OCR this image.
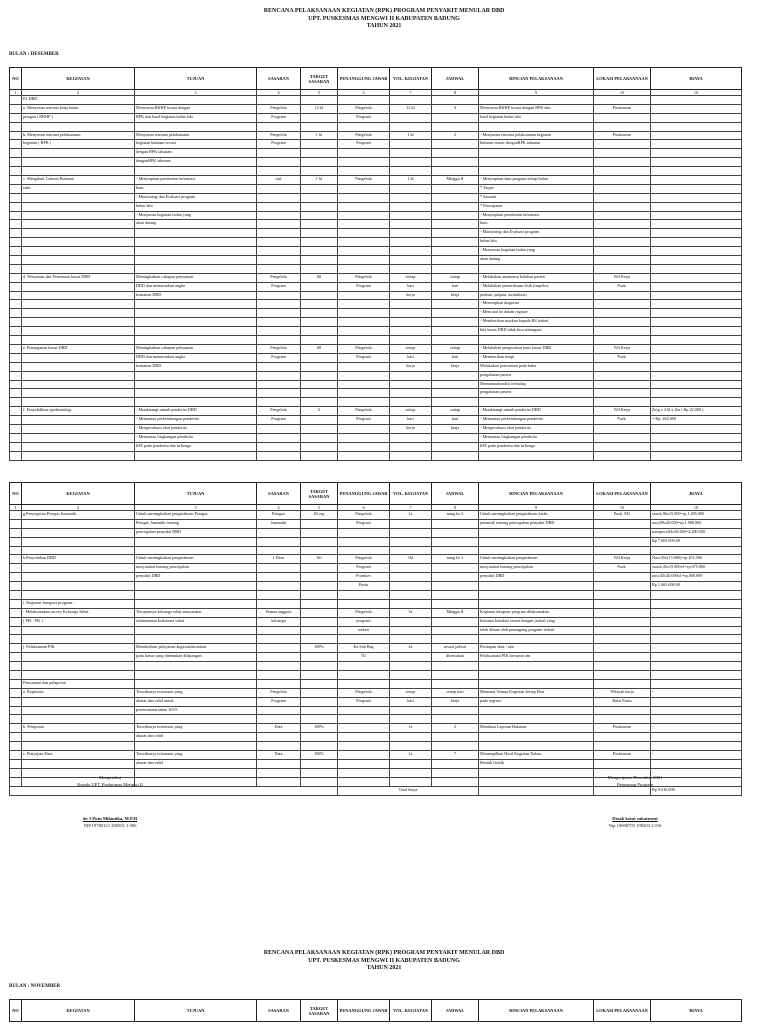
RENCANA PELAKSANAAN KEGIATAN (RPK) PROGRAM PENYAKIT MENULAR DBD
UPT. PUSKESMAS MENGWI II KABUPATEN BADUNG
TAHUN 2021
BULAN : DESEMBER
NO	KEGIATAN	TUJUAN	SASARAN	TARGET SASARAN	PENANGGUNG JAWAB	VOL. KEGIATAN	JADWAL	RINCIAN PELAKSANAAN	LOKASI PELAKSANAAN	BIAYA
1	2	3	4	5	6	7	8	9	10	10
	P2 DBD									
	a. Menyusun rencana kerja bulan	Menyusun RKHP sesuai dengan	Pengelola	12 kl	Pengelola	12 kl	4	Menyusun RKHP sesuai dengan RPK dan	Puskesmas	
	pringan ( RKHP )	RPK dan hasil kegiatan bulan lalu	Program		Program			hasil kegiatan bulan lalu		

	b. Menyusun rencana pelaksanaan	Menyusun rencana pelaksanaan	Pengelola	1 kl	Pengelola	1 kl	2	- Menyusun rencana pelaksanaan kegiatan	Puskesmas	
	kegiatan ( RPK )	kegiatan bulanan sesuai	Program		Program			bulanan sesuai denganRPK tahunan		
		dengan RPK tahunan								
		denganRPK tahunan								

	c. Mengikuti Lokmin Bulanan	- Menyiapkan pemberian informasi	staf	1 kl	Pengelola	1 kl	Minggu II	- Menyiapkan data program setiap bulan		
	tahis	baru						* Target		
		- Monitoring dan Evaluasi program						* Sasaran		
		bulan lalu						* Pencapaian		
		- Menyusun kegiatan bulan yang						- Menyiapkan pemberian informasi		
		akan datang						baru		
								- Monitoring dan Evaluasi program		
								bulan lalu		
								- Menyusun kegiatan bulan yang		
								akan datang		

	d. Pelayanan dan Penemuan kasus DBD	Meningkatkan cakupan pelayanan	Pengelola	68	Pengelola	setiap	setiap	- Melakukan anamnesa keluhan pasien	Wil Kerja	
		DBD dan menurunkan angka	Program		Program	hari	hari	- Melakukan pemeriksaan fisik (inspeksi,	Pusk.	
		kematian DBD				kerja	kerja	perkusi, palpasi, auskultasi)		
								- Menetapkan diagnosa		
								- Mencatat ke dalam register		
								- Memberikan rujukan kepada RS terkait		
								bila kasus DBD tidak bisa tertangani		

	e. Penanganan kasus DBD	Meningkatkan cakupan pelayanan	Pengelola	68	Pengelola	setiap	setiap	- Melakukan pengecekan jenis kasus DBD	Wil Kerja	
		DBD dan menurunkan angka	Program		Program	hari	hari	- Memberikan terapi	Pusk.	
		kematian DBD				kerja	kerja	Melakukan pencatatan pada buku		
								pengobatan pasien		
								Memantaukondisi terhadap		
								pengobatan pasien		

	f. Penyelidikan epidemiologi	- Mendatangi rumah penderita DBD	Pengelola	6	Pengelola	setiap	setiap	- Mendatangi rumah penderita DBD	Wil Kerja	Zeig x 4 kl x 2hr ( Rp.22.000 )
		- Memantau perkembangan penderita	Program		Program	hari	hari	- Memantau perkembangan penderita	Pusk.	= Rp. 264.000
		- Mengevaluasi obat penderita				kerja	kerja	- Mengevaluasi obat penderita		
		- Memantau lingkungan penderita						- Memantau lingkungan penderita		
		KIE pada penderita dan keluarga						KIE pada penderita dan keluarga		

NO	KEGIATAN	TUJUAN	SASARAN	TARGET SASARAN	PENANGGUNG JAWAB	VOL. KEGIATAN	JADWAL	RINCIAN PELAKSANAAN	LOKASI PELAKSANAAN	BIAYA
1	2	3	4	5	6	7	8	9	10	10
	g.Penyegaran Petugas Jumantik	Untuk meningkatkan pengetahuan Petugas	Petugas	84 org	Pengelola	1x	ming ke 2	Untuk meningkatkan pengetahuan kader	Pusk. M2	snack;96x15.000=rp.1.485.000
		Petugas Jumantik tentang	Jumantik		Program			jumantik tentang pencegahan penyakit DBD		nasi;99x20.000=rp.1.980.000
		pencegahan penyakit DBD								transport;84x50.000=4.200.000
										Rp 7.665.000.00

	h.Penyuluhan DBD	Untuk meningkatkan pengetahuan	1 Desa	1kl	Pengelola	1kl	ming ke 2	Untuk meningkatkan pengetahuan	Wil Kerja	Nasi;45x(15.000)=rp 101.000
		masyarakat tentang pencegahan			Program			masyarakat tentang pencegahan	Pusk.	snack;45x15.000x1=rp.675.000
		penyakit DBD			Promkes			penyakit DBD		nasi;45x20.000x1=rp.900.000
					Pustu					Rp 1.665.000.00

	i. Kegiatan Integrasi program :									
	- Melaksanakan survey Keluarga Sehat	Tercapainya keluarga sehat masyarakat	Semua anggota		Pengelola	3x	Minggu II	Kegiatan integrasi program dilaksanakan		
	( PIS - PK )	sehatmantau Indonesia sehat	keluarga		program			bersama Instalasi sesuai dengan jadwal yang		
					terkait			telah dibuat oleh penangung program terkait		

	j. Pelaksanaan PIK	Memberikan pelayanan kegawatdaruratan		100%	Ka Sub Bag	2x	sesuai jadwal	Persiapan obat / alat		
		pada kasus yang ditemukan dilapangan			TU		ditentukan	Pelaksanaan PIK bersama tim		

	Pencatatan dan pelaporan									
	a. Registrasi	Tersedianya informasi yang	Pengelola		Pengelola	setiap	setiap hari	Mencatat Semua Kegiatan Setiap Hari	Wilayah kerja	-
		akurat dan valid untuk	Program		Program	hari	kerja	pada register	Balai Pustu	
		perencanaan tahun 2019.								

	b. Pelaporan	Tersedianya informasi yang	Data	100%		1x	2	Membuat Laporan Bulanan	Puskesmas	-
		akurat dan valid								

	c. Penyajian Data	Tersedianya informasi yang	Data	100%		1x	7	Menampilkan Hasil Kegiatan Dalam	Puskesmas	-
		akurat dan valid						Bentuk Grafik		

					Total biaya					Rp.9.616.000
Mengetahui
Kepala UPT. Puskesmas Mengwi II
dr. I Putu Milantika, M.P.H
NIP.19780121 200501 1 006
Mengwipura, Desember 2021
Pemegang Program
Desak ketut sukarmeni
Nip.19690705 199203 2 016
RENCANA PELAKSANAAN KEGIATAN (RPK) PROGRAM PENYAKIT MENULAR DBD
UPT. PUSKESMAS MENGWI II KABUPATEN BADUNG
TAHUN 2021
BULAN : NOVEMBER
NO	KEGIATAN	TUJUAN	SASARAN	TARGET SASARAN	PENANGGUNG JAWAB	VOL. KEGIATAN	JADWAL	RINCIAN PELAKSANAAN	LOKASI PELAKSANAAN	BIAYA
